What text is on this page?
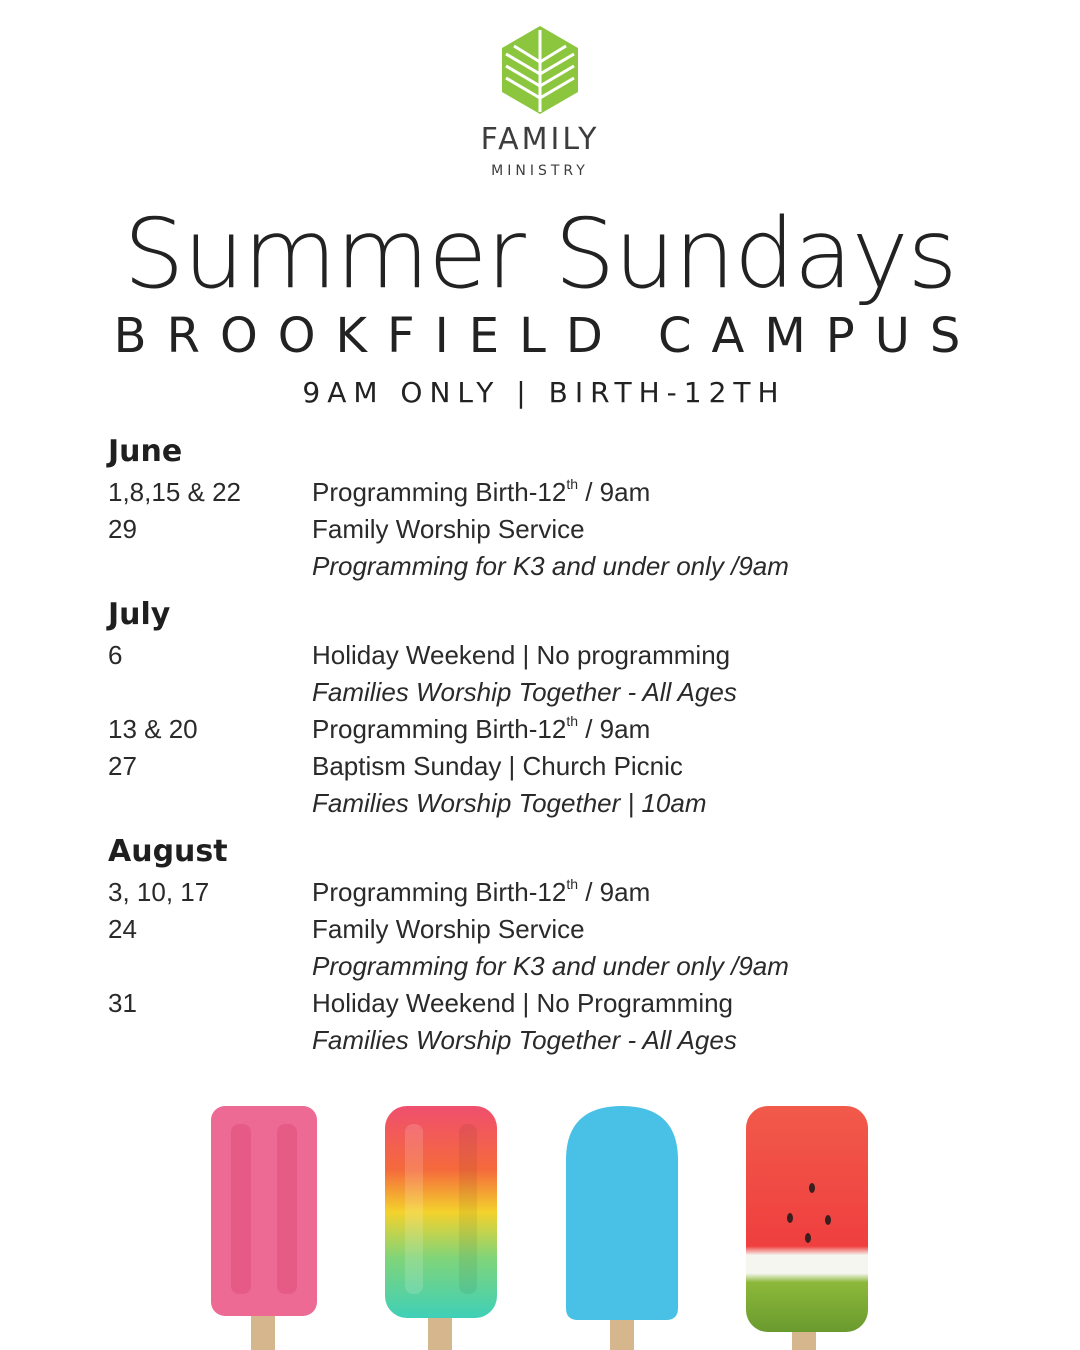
FAMILY
MINISTRY
Summer Sundays
BROOKFIELD CAMPUS
9AM ONLY | BIRTH-12TH
June
1,8,15 & 22	Programming Birth-12th / 9am
29	Family Worship Service
Programming for K3 and under only /9am
July
6	Holiday Weekend | No programming
Families Worship Together - All Ages
13 & 20	Programming Birth-12th / 9am
27	Baptism Sunday | Church Picnic
Families Worship Together | 10am
August
3, 10, 17	Programming Birth-12th / 9am
24	Family Worship Service
Programming for K3 and under only /9am
31	Holiday Weekend | No Programming
Families Worship Together - All Ages
